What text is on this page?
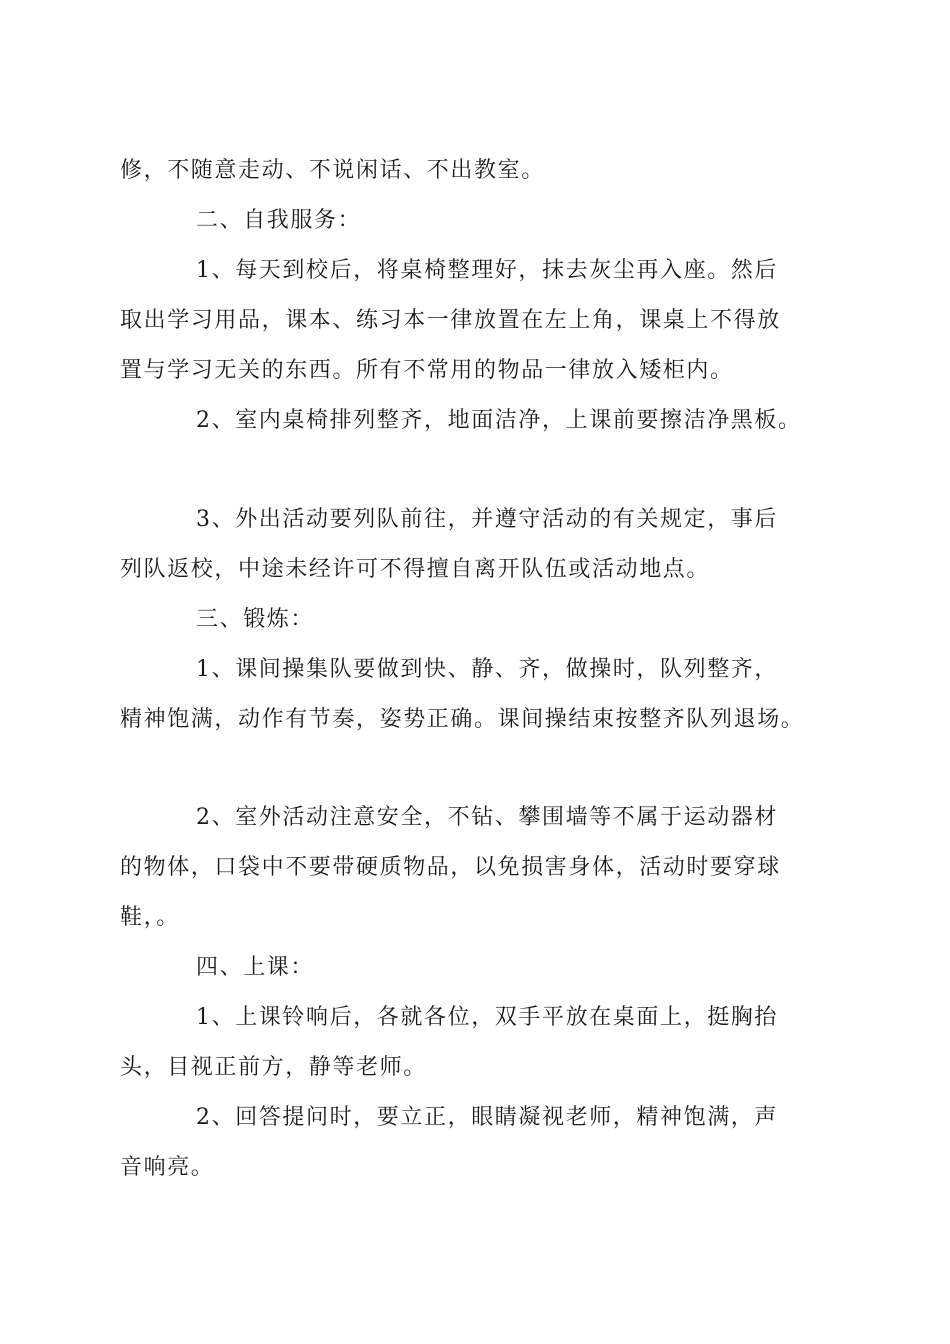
修，不随意走动、不说闲话、不出教室。
二、自我服务：
1、每天到校后，将桌椅整理好，抹去灰尘再入座。然后
取出学习用品，课本、练习本一律放置在左上角，课桌上不得放
置与学习无关的东西。所有不常用的物品一律放入矮柜内。
2、室内桌椅排列整齐，地面洁净，上课前要擦洁净黑板。
3、外出活动要列队前往，并遵守活动的有关规定，事后
列队返校，中途未经许可不得擅自离开队伍或活动地点。
三、锻炼：
1、课间操集队要做到快、静、齐，做操时，队列整齐，
精神饱满，动作有节奏，姿势正确。课间操结束按整齐队列退场。
2、室外活动注意安全，不钻、攀围墙等不属于运动器材
的物体，口袋中不要带硬质物品，以免损害身体，活动时要穿球
鞋，。
四、上课：
1、上课铃响后，各就各位，双手平放在桌面上，挺胸抬
头，目视正前方，静等老师。
2、回答提问时，要立正，眼睛凝视老师，精神饱满，声
音响亮。
